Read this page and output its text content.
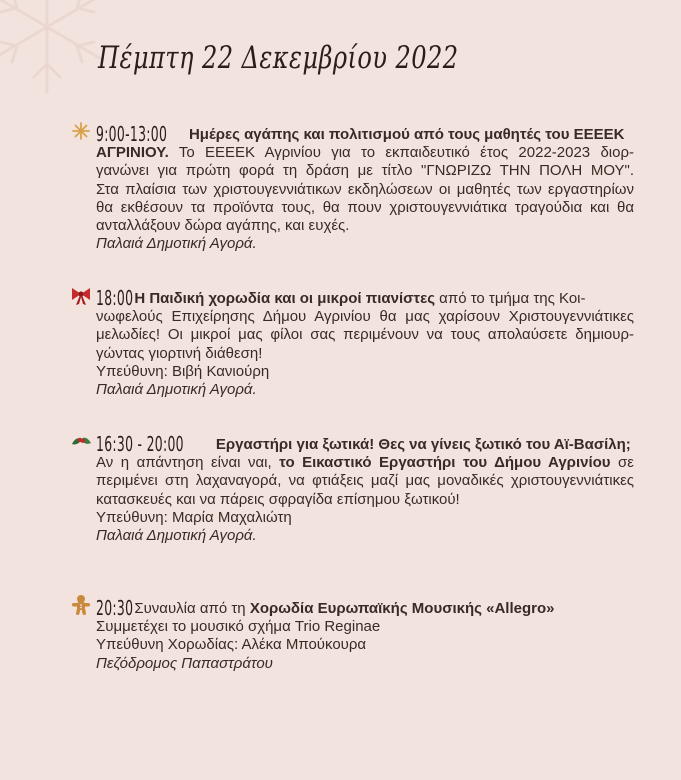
Πέμπτη 22 Δεκεμβρίου 2022

9:00-13:00 Ημέρες αγάπης και πολιτισμού από τους μαθητές του ΕΕΕΕΚ

ΑΓΡΙΝΙΟΥ. Το ΕΕΕΕΚ Αγρινίου για το εκπαιδευτικό έτος 2022-2023 διορ-

γανώνει για πρώτη φορά τη δράση με τίτλο "ΓΝΩΡΙΖΩ ΤΗΝ ΠΟΛΗ ΜΟΥ".

Στα πλαίσια των χριστουγεννιάτικων εκδηλώσεων οι μαθητές των εργαστηρίων

θα εκθέσουν τα προϊόντα τους, θα πουν χριστουγεννιάτικα τραγούδια και θα

ανταλλάξουν δώρα αγάπης, και ευχές.

Παλαιά Δημοτική Αγορά.

18:00 Η Παιδική χορωδία και οι μικροί πιανίστες από το τμήμα της Κοι-

νωφελούς Επιχείρησης Δήμου Αγρινίου θα μας χαρίσουν Χριστουγεννιάτικες

μελωδίες! Οι μικροί μας φίλοι σας περιμένουν να τους απολαύσετε δημιουρ-

γώντας γιορτινή διάθεση!

Υπεύθυνη: Βιβή Κανιούρη

Παλαιά Δημοτική Αγορά.

16:30 - 20:00 Εργαστήρι για ξωτικά! Θες να γίνεις ξωτικό του Αϊ-Βασίλη;

Αν η απάντηση είναι ναι, το Εικαστικό Εργαστήρι του Δήμου Αγρινίου σε

περιμένει στη λαχαναγορά, να φτιάξεις μαζί μας μοναδικές χριστουγεννιάτικες

κατασκευές και να πάρεις σφραγίδα επίσημου ξωτικού!

Υπεύθυνη: Μαρία Μαχαλιώτη

Παλαιά Δημοτική Αγορά.

20:30 Συναυλία από τη Χορωδία Ευρωπαϊκής Μουσικής «Allegro»

Συμμετέχει το μουσικό σχήμα Trio Reginae

Υπεύθυνη Χορωδίας: Αλέκα Μπούκουρα

Πεζόδρομος Παπαστράτου
